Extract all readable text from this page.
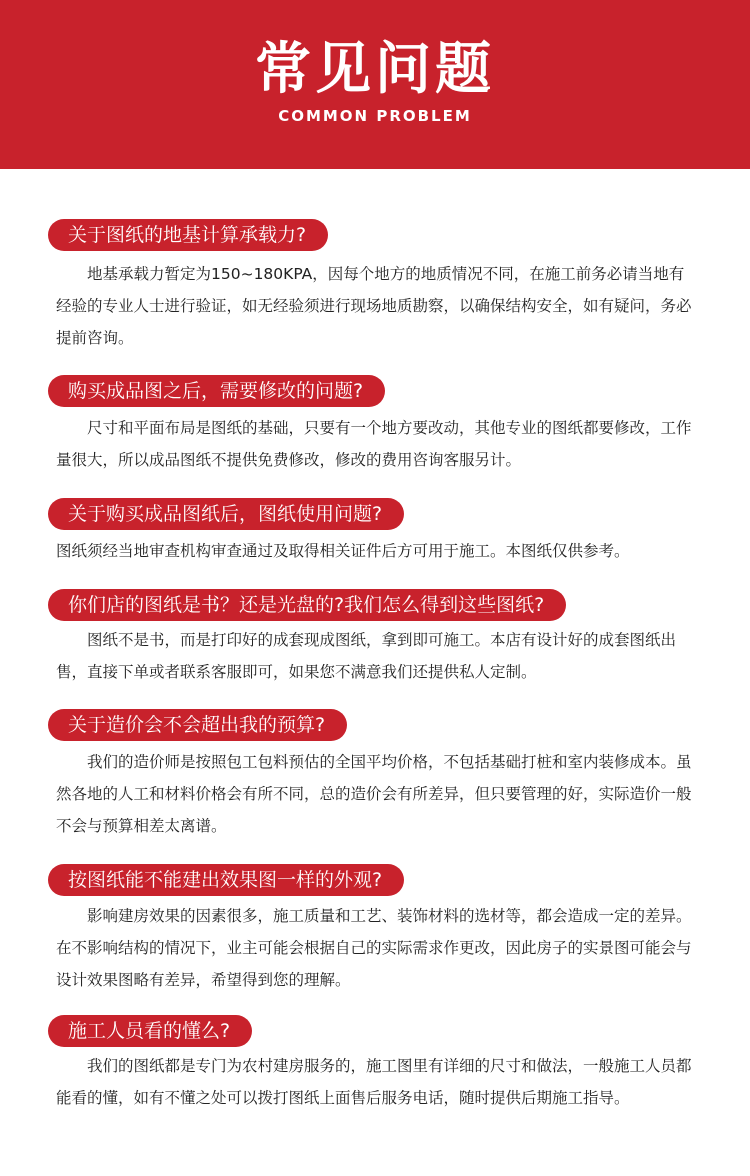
常见问题
COMMON PROBLEM
关于图纸的地基计算承载力?
地基承载力暂定为150~180KPA，因每个地方的地质情况不同，在施工前务必请当地有经验的专业人士进行验证，如无经验须进行现场地质勘察，以确保结构安全，如有疑问，务必提前咨询。
购买成品图之后，需要修改的问题?
尺寸和平面布局是图纸的基础，只要有一个地方要改动，其他专业的图纸都要修改，工作量很大，所以成品图纸不提供免费修改，修改的费用咨询客服另计。
关于购买成品图纸后，图纸使用问题?
图纸须经当地审查机构审查通过及取得相关证件后方可用于施工。本图纸仅供参考。
你们店的图纸是书？还是光盘的?我们怎么得到这些图纸?
图纸不是书，而是打印好的成套现成图纸，拿到即可施工。本店有设计好的成套图纸出售，直接下单或者联系客服即可，如果您不满意我们还提供私人定制。
关于造价会不会超出我的预算?
我们的造价师是按照包工包料预估的全国平均价格，不包括基础打桩和室内装修成本。虽然各地的人工和材料价格会有所不同，总的造价会有所差异，但只要管理的好，实际造价一般不会与预算相差太离谱。
按图纸能不能建出效果图一样的外观?
影响建房效果的因素很多，施工质量和工艺、装饰材料的选材等，都会造成一定的差异。在不影响结构的情况下，业主可能会根据自己的实际需求作更改，因此房子的实景图可能会与设计效果图略有差异，希望得到您的理解。
施工人员看的懂么?
我们的图纸都是专门为农村建房服务的，施工图里有详细的尺寸和做法，一般施工人员都能看的懂，如有不懂之处可以拨打图纸上面售后服务电话，随时提供后期施工指导。
